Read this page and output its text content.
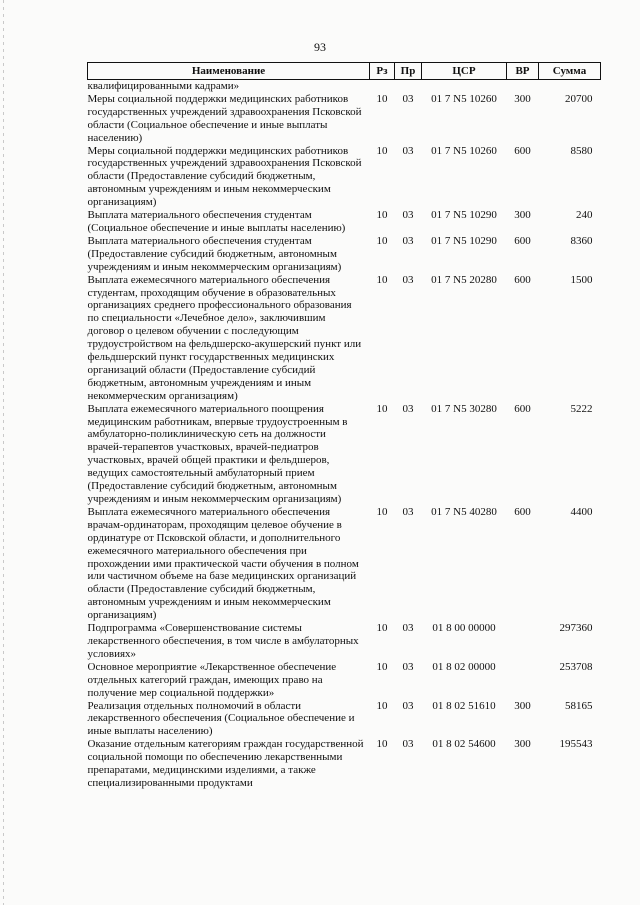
93
Наименование	Рз	Пр	ЦСР	ВР	Сумма
квалифицированными кадрами»					
Меры социальной поддержки медицинских работников государственных учреждений здравоохранения Псковской области (Социальное обеспечение и иные выплаты населению)	10	03	01 7 N5 10260	300	20700
Меры социальной поддержки медицинских работников государственных учреждений здравоохранения Псковской области (Предоставление субсидий бюджетным, автономным учреждениям и иным некоммерческим организациям)	10	03	01 7 N5 10260	600	8580
Выплата материального обеспечения студентам (Социальное обеспечение и иные выплаты населению)	10	03	01 7 N5 10290	300	240
Выплата материального обеспечения студентам (Предоставление субсидий бюджетным, автономным учреждениям и иным некоммерческим организациям)	10	03	01 7 N5 10290	600	8360
Выплата ежемесячного материального обеспечения студентам, проходящим обучение в образовательных организациях среднего профессионального образования по специальности «Лечебное дело», заключившим договор о целевом обучении с последующим трудоустройством на фельдшерско-акушерский пункт или фельдшерский пункт государственных медицинских организаций области (Предоставление субсидий бюджетным, автономным учреждениям и иным некоммерческим организациям)	10	03	01 7 N5 20280	600	1500
Выплата ежемесячного материального поощрения медицинским работникам, впервые трудоустроенным в амбулаторно-поликлиническую сеть на должности врачей-терапевтов участковых, врачей-педиатров участковых, врачей общей практики и фельдшеров, ведущих самостоятельный амбулаторный прием (Предоставление субсидий бюджетным, автономным учреждениям и иным некоммерческим организациям)	10	03	01 7 N5 30280	600	5222
Выплата ежемесячного материального обеспечения врачам-ординаторам, проходящим целевое обучение в ординатуре от Псковской области, и дополнительного ежемесячного материального обеспечения при прохождении ими практической части обучения в полном или частичном объеме на базе медицинских организаций области (Предоставление субсидий бюджетным, автономным учреждениям и иным некоммерческим организациям)	10	03	01 7 N5 40280	600	4400
Подпрограмма «Совершенствование системы лекарственного обеспечения, в том числе в амбулаторных условиях»	10	03	01 8 00 00000		297360
Основное мероприятие «Лекарственное обеспечение отдельных категорий граждан, имеющих право на получение мер социальной поддержки»	10	03	01 8 02 00000		253708
Реализация отдельных полномочий в области лекарственного обеспечения (Социальное обеспечение и иные выплаты населению)	10	03	01 8 02 51610	300	58165
Оказание отдельным категориям граждан государственной социальной помощи по обеспечению лекарственными препаратами, медицинскими изделиями, а также специализированными продуктами	10	03	01 8 02 54600	300	195543
